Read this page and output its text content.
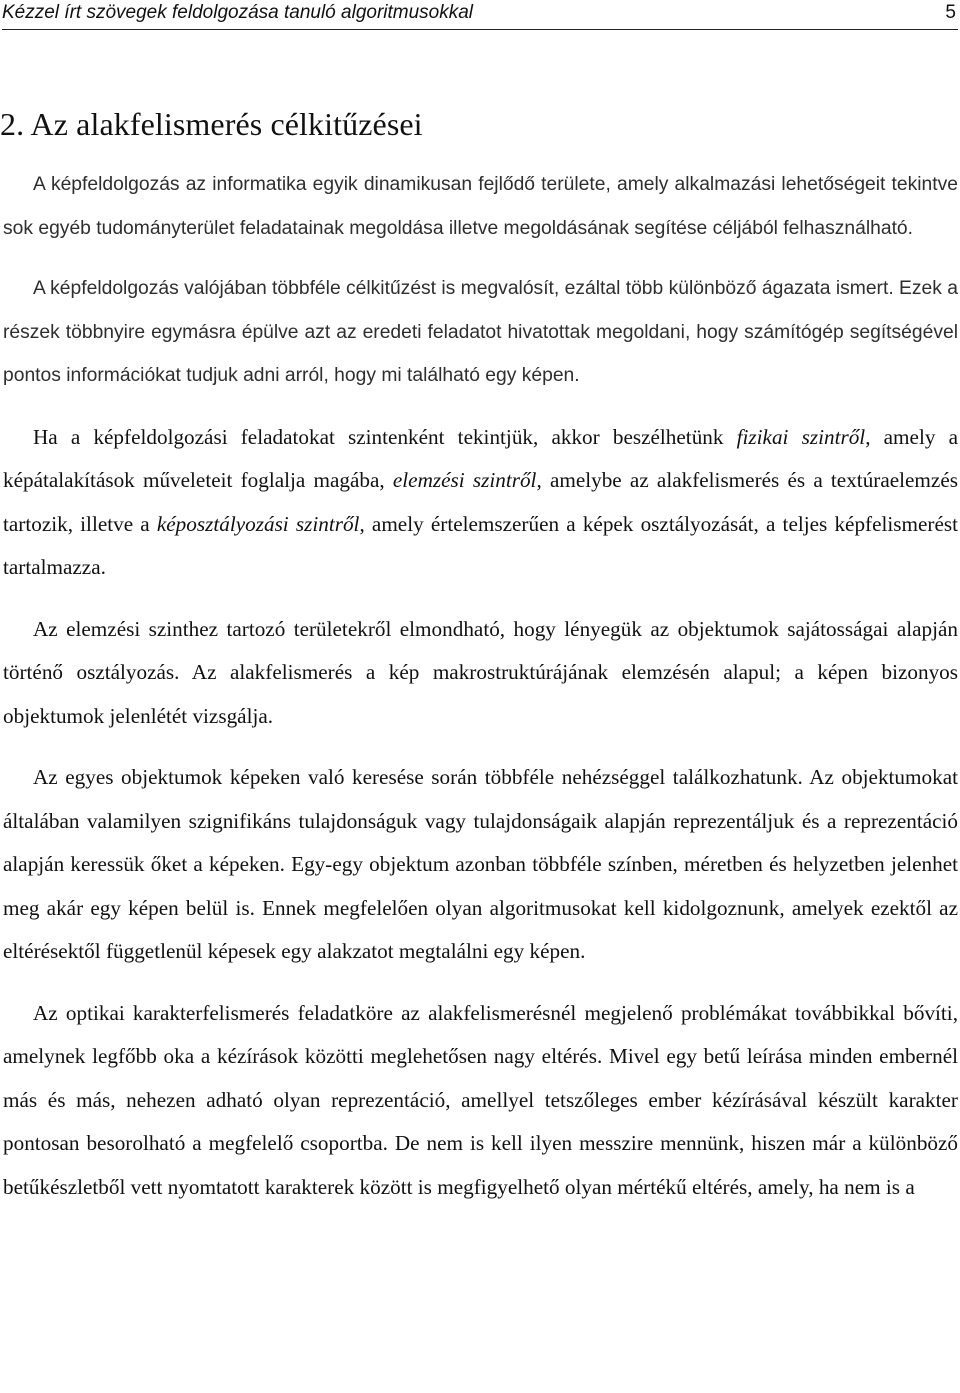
Kézzel írt szövegek feldolgozása tanuló algoritmusokkal	5
2. Az alakfelismerés célkitűzései

A képfeldolgozás az informatika egyik dinamikusan fejlődő területe, amely alkalmazási lehetőségeit tekintve sok egyéb tudományterület feladatainak megoldása illetve megoldásának segítése céljából felhasználható.

A képfeldolgozás valójában többféle célkitűzést is megvalósít, ezáltal több különböző ágazata ismert. Ezek a részek többnyire egymásra épülve azt az eredeti feladatot hivatottak megoldani, hogy számítógép segítségével pontos információkat tudjuk adni arról, hogy mi található egy képen.

Ha a képfeldolgozási feladatokat szintenként tekintjük, akkor beszélhetünk fizikai szintről, amely a képátalakítások műveleteit foglalja magába, elemzési szintről, amelybe az alakfelismerés és a textúraelemzés tartozik, illetve a képosztályozási szintről, amely értelemszerűen a képek osztályozását, a teljes képfelismerést tartalmazza.

Az elemzési szinthez tartozó területekről elmondható, hogy lényegük az objektumok sajátosságai alapján történő osztályozás. Az alakfelismerés a kép makrostruktúrájának elemzésén alapul; a képen bizonyos objektumok jelenlétét vizsgálja.

Az egyes objektumok képeken való keresése során többféle nehézséggel találkozhatunk. Az objektumokat általában valamilyen szignifikáns tulajdonságuk vagy tulajdonságaik alapján reprezentáljuk és a reprezentáció alapján keressük őket a képeken. Egy-egy objektum azonban többféle színben, méretben és helyzetben jelenhet meg akár egy képen belül is. Ennek megfelelően olyan algoritmusokat kell kidolgoznunk, amelyek ezektől az eltérésektől függetlenül képesek egy alakzatot megtalálni egy képen.

Az optikai karakterfelismerés feladatköre az alakfelismerésnél megjelenő problémákat továbbikkal bővíti, amelynek legfőbb oka a kézírások közötti meglehetősen nagy eltérés. Mivel egy betű leírása minden embernél más és más, nehezen adható olyan reprezentáció, amellyel tetszőleges ember kézírásával készült karakter pontosan besorolható a megfelelő csoportba. De nem is kell ilyen messzire mennünk, hiszen már a különböző betűkészletből vett nyomtatott karakterek között is megfigyelhető olyan mértékű eltérés, amely, ha nem is a
